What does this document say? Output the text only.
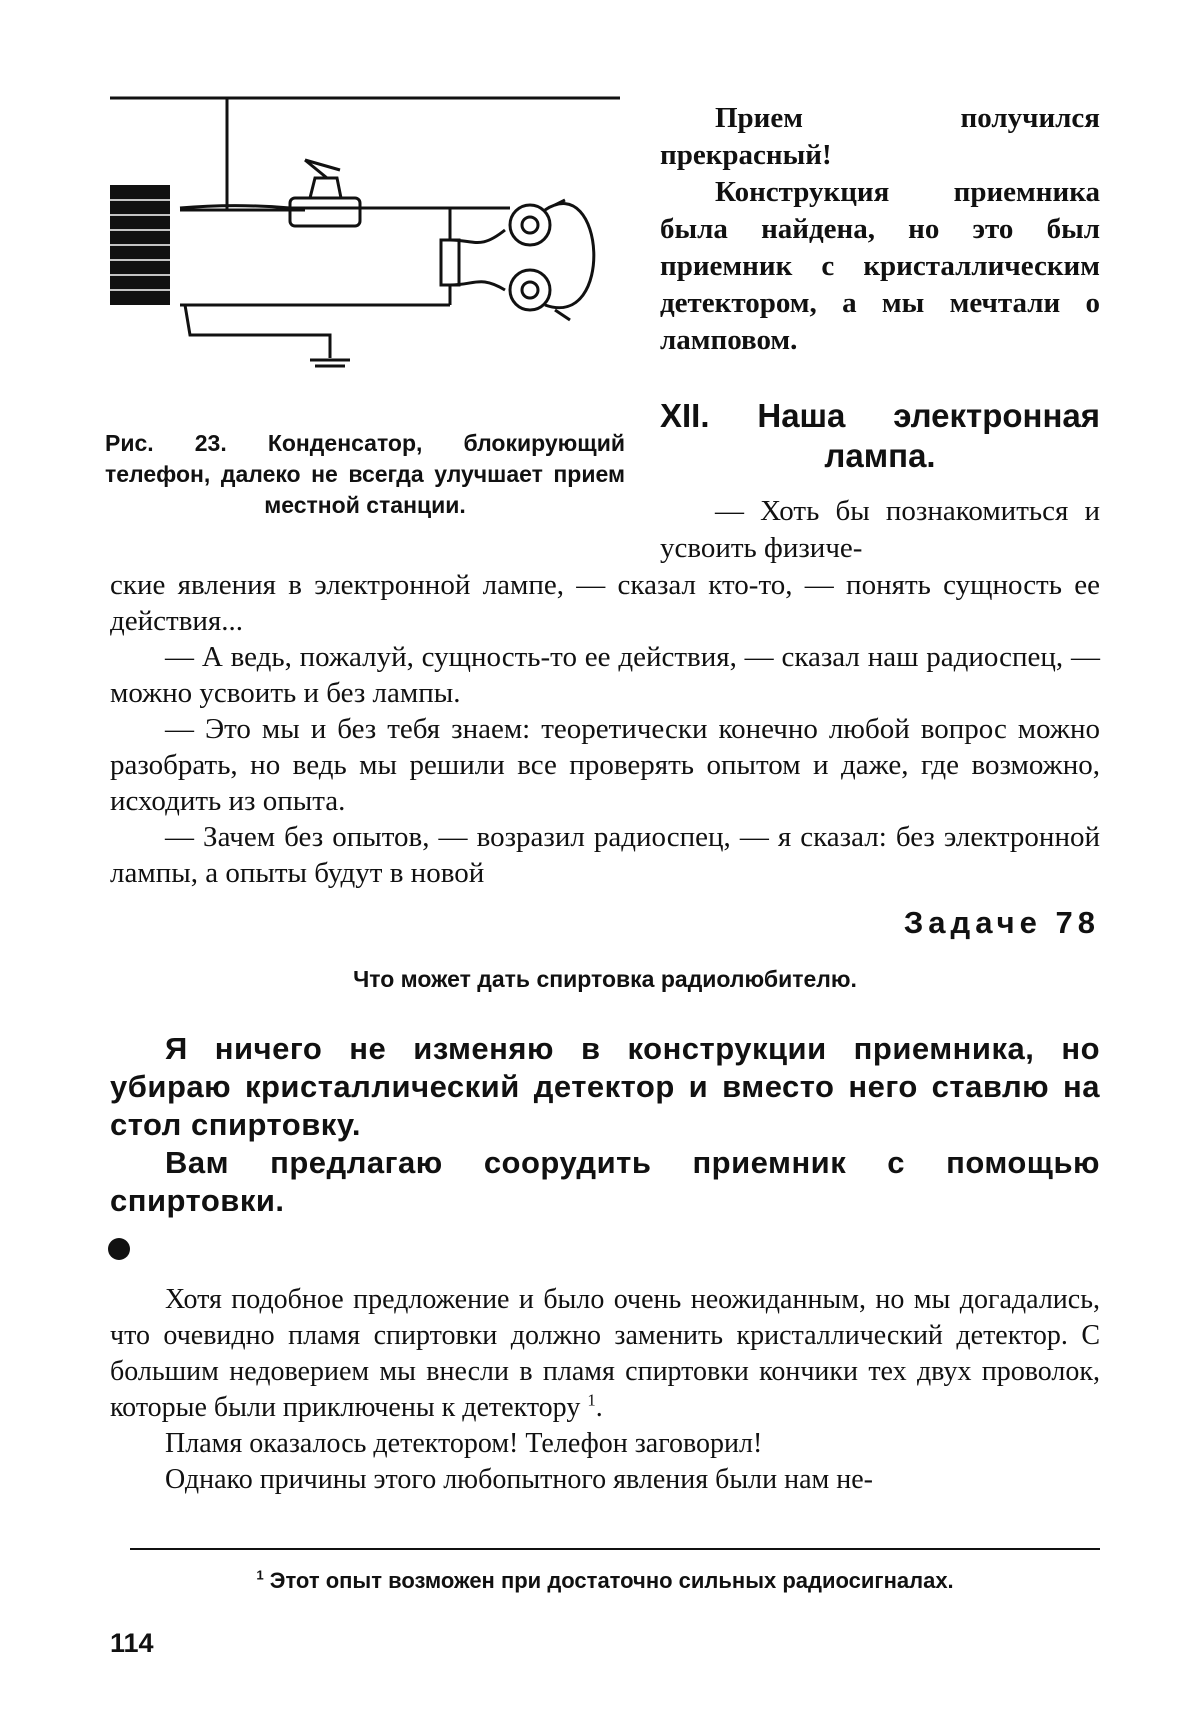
Рис. 23. Конденсатор, блокирующий телефон, далеко не всегда улучшает прием местной станции.

Прием получился прекрасный!

Конструкция приемника была найдена, но это был приемник с кристаллическим детектором, а мы мечтали о ламповом.

XII. Наша электронная лампа.
— Хоть бы познакомиться и усвоить физиче-

ские явления в электронной лампе, — сказал кто-то, — понять сущность ее действия...

— А ведь, пожалуй, сущность-то ее действия, — сказал наш радиоспец, — можно усвоить и без лампы.

— Это мы и без тебя знаем: теоретически конечно любой вопрос можно разобрать, но ведь мы решили все проверять опытом и даже, где возможно, исходить из опыта.

— Зачем без опытов, — возразил радиоспец, — я сказал: без электронной лампы, а опыты будут в новой

Задаче 78
Что может дать спиртовка радиолюбителю.

Я ничего не изменяю в конструкции приемника, но убираю кристаллический детектор и вместо него ставлю на стол спиртовку.

Вам предлагаю соорудить приемник с помощью спиртовки.

Хотя подобное предложение и было очень неожиданным, но мы догадались, что очевидно пламя спиртовки должно заменить кристаллический детектор. С большим недоверием мы внесли в пламя спиртовки кончики тех двух проволок, которые были приключены к детектору $^1$.

Пламя оказалось детектором! Телефон заговорил!

Однако причины этого любопытного явления были нам не-

$^1$ Этот опыт возможен при достаточно сильных радиосигналах.
114
